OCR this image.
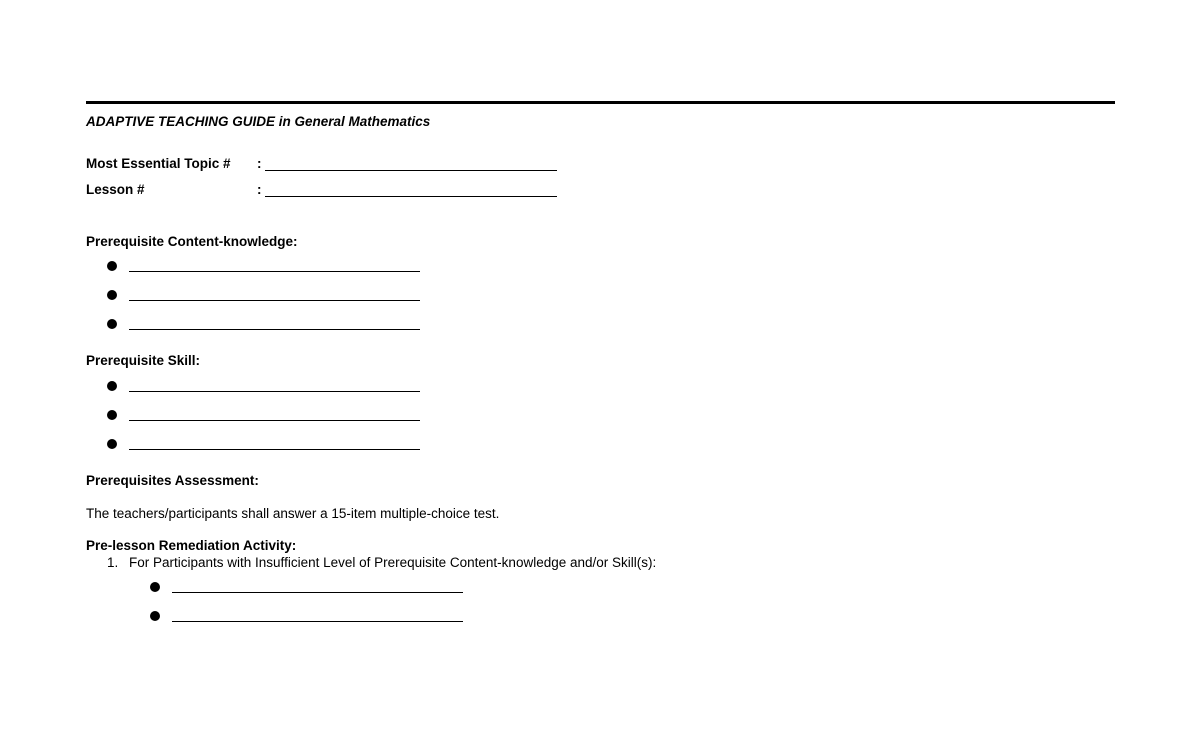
ADAPTIVE TEACHING GUIDE in General Mathematics
Most Essential Topic # :
Lesson #	:
Prerequisite Content-knowledge:
Prerequisite Skill:
Prerequisites Assessment:
The teachers/participants shall answer a 15-item multiple-choice test.
Pre-lesson Remediation Activity:
1. For Participants with Insufficient Level of Prerequisite Content-knowledge and/or Skill(s):
